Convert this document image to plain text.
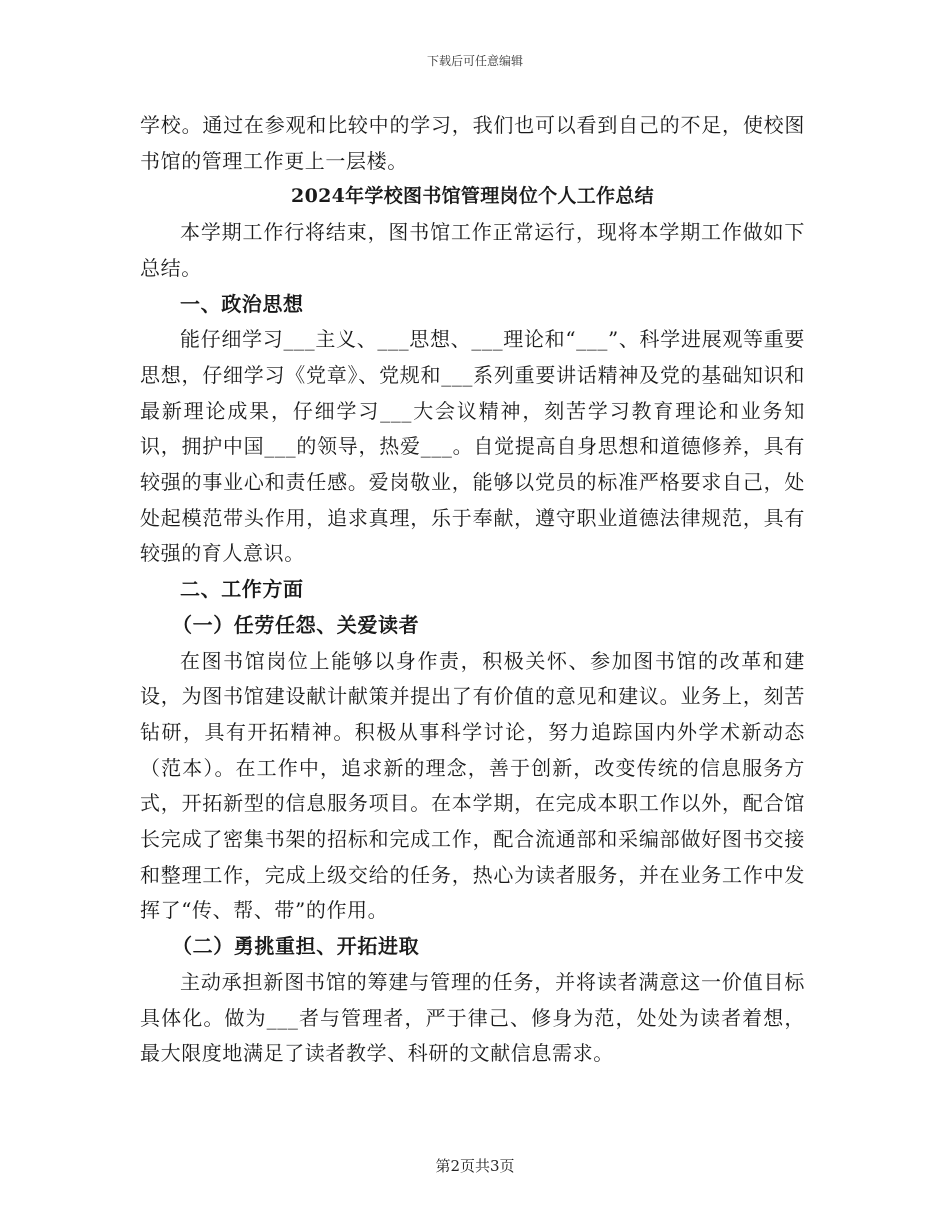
下载后可任意编辑

学校。通过在参观和比较中的学习，我们也可以看到自己的不足，使校图书馆的管理工作更上一层楼。

2024年学校图书馆管理岗位个人工作总结

本学期工作行将结束，图书馆工作正常运行，现将本学期工作做如下总结。

一、政治思想

能仔细学习___主义、___思想、___理论和“___”、科学进展观等重要思想，仔细学习《党章》、党规和___系列重要讲话精神及党的基础知识和最新理论成果，仔细学习___大会议精神，刻苦学习教育理论和业务知识，拥护中国___的领导，热爱___。自觉提高自身思想和道德修养，具有较强的事业心和责任感。爱岗敬业，能够以党员的标准严格要求自己，处处起模范带头作用，追求真理，乐于奉献，遵守职业道德法律规范，具有较强的育人意识。

二、工作方面

（一）任劳任怨、关爱读者

在图书馆岗位上能够以身作责，积极关怀、参加图书馆的改革和建设，为图书馆建设献计献策并提出了有价值的意见和建议。业务上，刻苦钻研，具有开拓精神。积极从事科学讨论，努力追踪国内外学术新动态（范本）。在工作中，追求新的理念，善于创新，改变传统的信息服务方式，开拓新型的信息服务项目。在本学期，在完成本职工作以外，配合馆长完成了密集书架的招标和完成工作，配合流通部和采编部做好图书交接和整理工作，完成上级交给的任务，热心为读者服务，并在业务工作中发挥了“传、帮、带”的作用。

（二）勇挑重担、开拓进取

主动承担新图书馆的筹建与管理的任务，并将读者满意这一价值目标具体化。做为___者与管理者，严于律己、修身为范，处处为读者着想，最大限度地满足了读者教学、科研的文献信息需求。

第2页共3页
